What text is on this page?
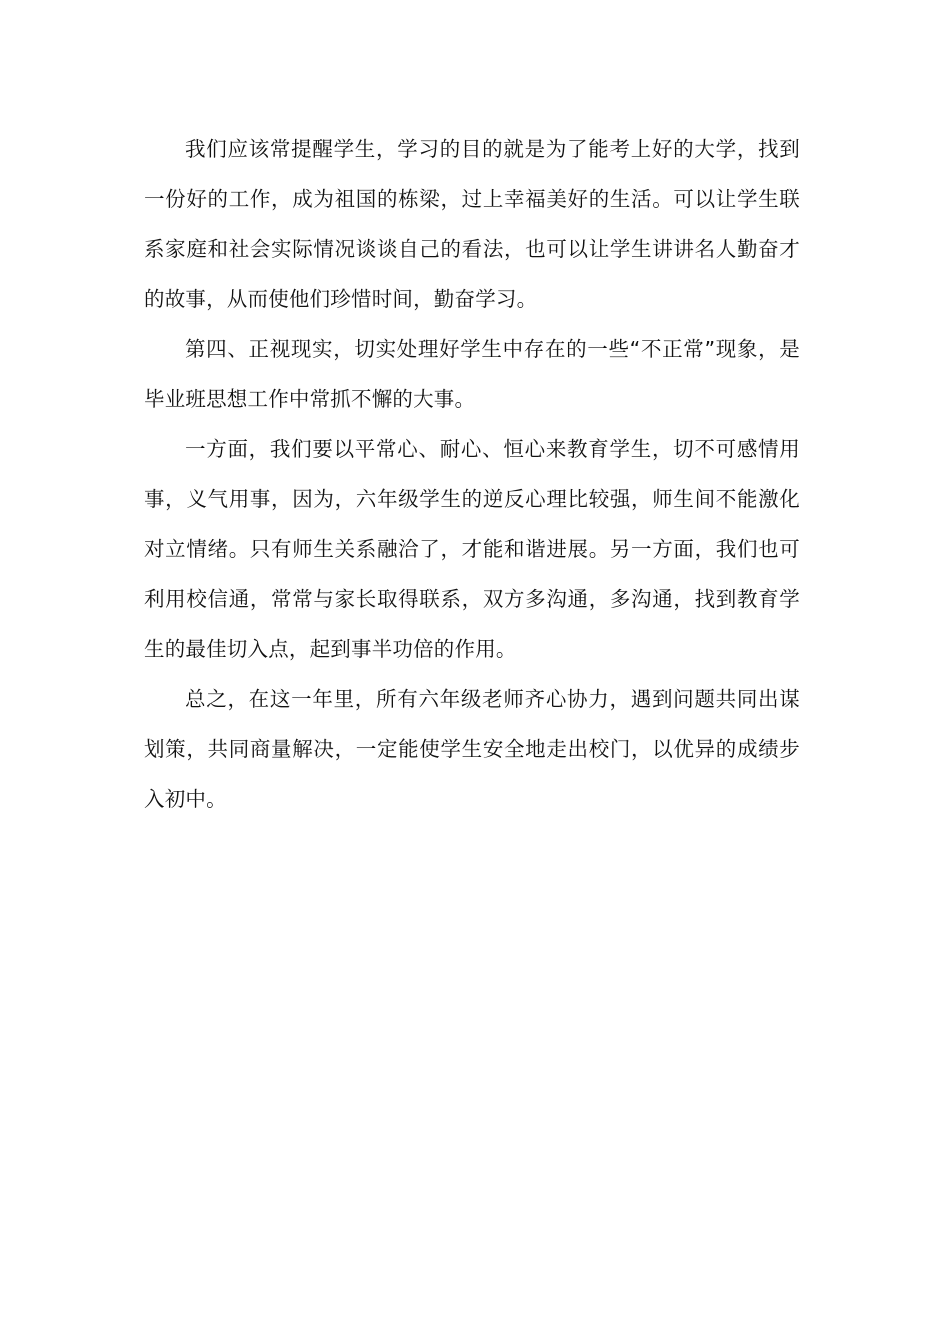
我们应该常提醒学生，学习的目的就是为了能考上好的大学，找到一份好的工作，成为祖国的栋梁，过上幸福美好的生活。可以让学生联系家庭和社会实际情况谈谈自己的看法，也可以让学生讲讲名人勤奋才的故事，从而使他们珍惜时间，勤奋学习。

第四、正视现实，切实处理好学生中存在的一些“不正常”现象，是毕业班思想工作中常抓不懈的大事。

一方面，我们要以平常心、耐心、恒心来教育学生，切不可感情用事，义气用事，因为，六年级学生的逆反心理比较强，师生间不能激化对立情绪。只有师生关系融洽了，才能和谐进展。另一方面，我们也可利用校信通，常常与家长取得联系，双方多沟通，多沟通，找到教育学生的最佳切入点，起到事半功倍的作用。

总之，在这一年里，所有六年级老师齐心协力，遇到问题共同出谋划策，共同商量解决，一定能使学生安全地走出校门，以优异的成绩步入初中。
